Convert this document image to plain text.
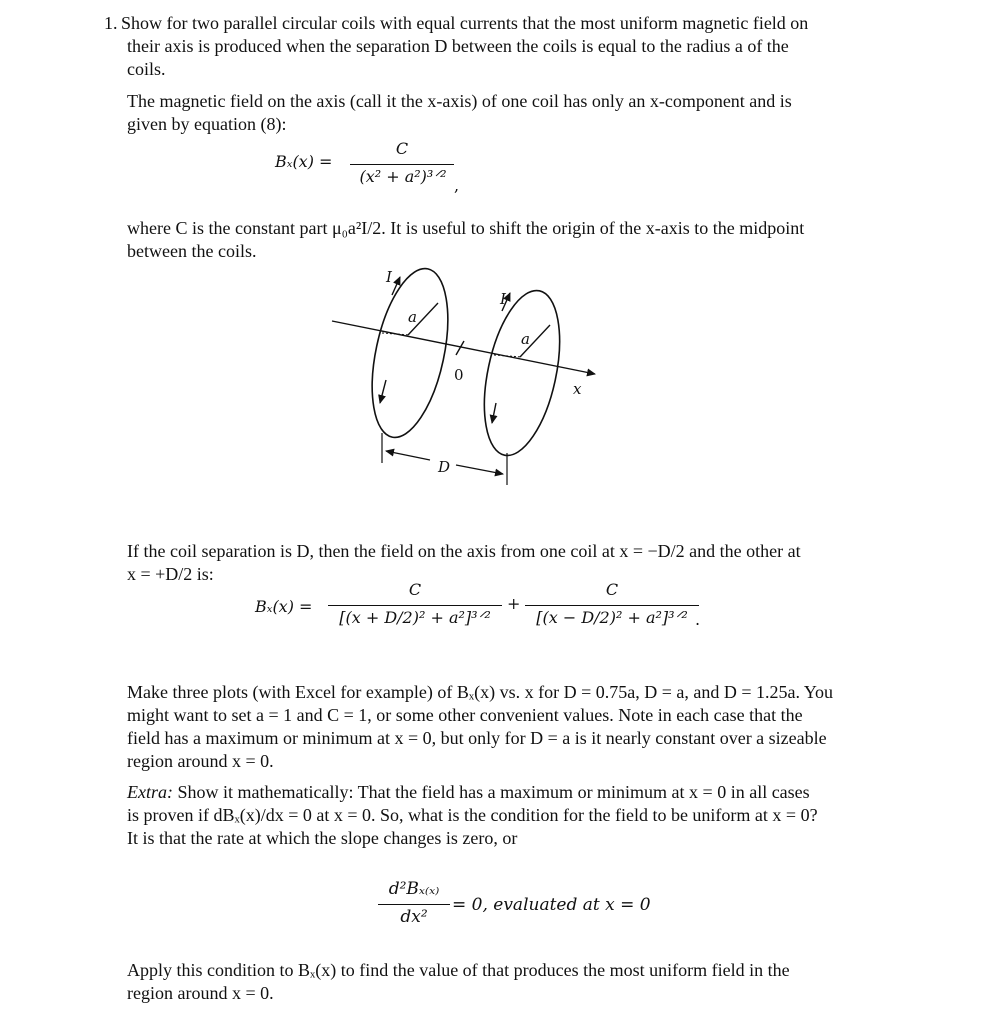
1. Show for two parallel circular coils with equal currents that the most uniform magnetic field on
their axis is produced when the separation D between the coils is equal to the radius a of the
coils.
The magnetic field on the axis (call it the x-axis) of one coil has only an x-component and is
given by equation (8):
Bₓ(x) =
C
(x² + a²)³ᐟ² ,
where C is the constant part μ₀a²I/2. It is useful to shift the origin of the x-axis to the midpoint
between the coils.
I
I
a
a
0
x
D
If the coil separation is D, then the field on the axis from one coil at x = −D/2 and the other at
x = +D/2 is:
Bₓ(x) =
C
[(x + D/2)² + a²]³ᐟ²
+
C
[(x − D/2)² + a²]³ᐟ² .
Make three plots (with Excel for example) of Bₓ(x) vs. x for D = 0.75a, D = a, and D = 1.25a. You
might want to set a = 1 and C = 1, or some other convenient values. Note in each case that the
field has a maximum or minimum at x = 0, but only for D = a is it nearly constant over a sizeable
region around x = 0.
Extra: Show it mathematically: That the field has a maximum or minimum at x = 0 in all cases
is proven if dBₓ(x)/dx = 0 at x = 0. So, what is the condition for the field to be uniform at x = 0?
It is that the rate at which the slope changes is zero, or
d²Bₓ₍ₓ₎
dx²
= 0, evaluated at x = 0
Apply this condition to Bₓ(x) to find the value of that produces the most uniform field in the
region around x = 0.
